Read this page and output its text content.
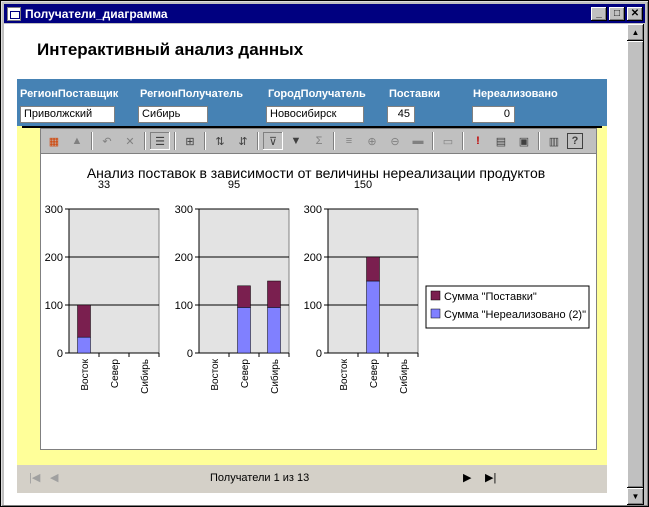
Получатели_диаграмма	_	□	✕
Интерактивный анализ данных
РегионПоставщик
Приволжский
РегионПолучатель
Сибирь
ГородПолучатель
Новосибирск
Поставки
45
Нереализовано
0
▦	▲	↶	✕	☰	⊞	⇅	⇵	⊽	▼	Σ	≡	⊕	⊖	▬	▭	!	▤	▣	▥	?
Анализ поставок в зависимости от величины нереализации продуктов
33
0
100
200
300
Восток Север Сибирь
95
0
100
200
300
Восток Север Сибирь
150
0
100
200
300
Восток Север Сибирь
Сумма "Поставки"
Сумма "Нереализовано (2)"
|◀ ◀	Получатели 1 из 13	▶ ▶|
▲
▼
